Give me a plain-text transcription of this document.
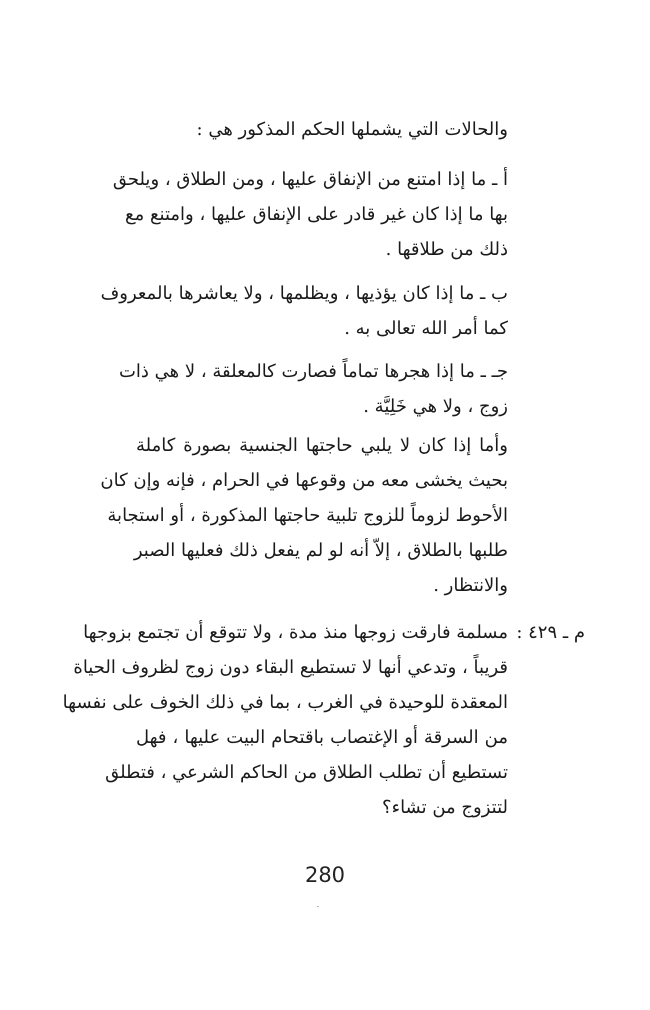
والحالات التي يشملها الحكم المذكور هي :
أ ـ ما إذا امتنع من الإنفاق عليها ، ومن الطلاق ، ويلحق
بها ما إذا كان غير قادر على الإنفاق عليها ، وامتنع مع
ذلك من طلاقها .
ب ـ ما إذا كان يؤذيها ، ويظلمها ، ولا يعاشرها بالمعروف
كما أمر الله تعالى به .
جـ ـ ما إذا هجرها تماماً فصارت كالمعلقة ، لا هي ذات
زوج ، ولا هي خَلِيَّة .
وأما إذا كان لا يلبي حاجتها الجنسية بصورة كاملة
بحيث يخشى معه من وقوعها في الحرام ، فإنه وإن كان
الأحوط لزوماً للزوج تلبية حاجتها المذكورة ، أو استجابة
طلبها بالطلاق ، إلاّ أنه لو لم يفعل ذلك فعليها الصبر
والانتظار .
م ـ ٤٢٩ :
مسلمة فارقت زوجها منذ مدة ، ولا تتوقع أن تجتمع بزوجها
قريباً ، وتدعي أنها لا تستطيع البقاء دون زوج لظروف الحياة
المعقدة للوحيدة في الغرب ، بما في ذلك الخوف على نفسها
من السرقة أو الإغتصاب باقتحام البيت عليها ، فهل
تستطيع أن تطلب الطلاق من الحاكم الشرعي ، فتطلق
لتتزوج من تشاء؟
280
